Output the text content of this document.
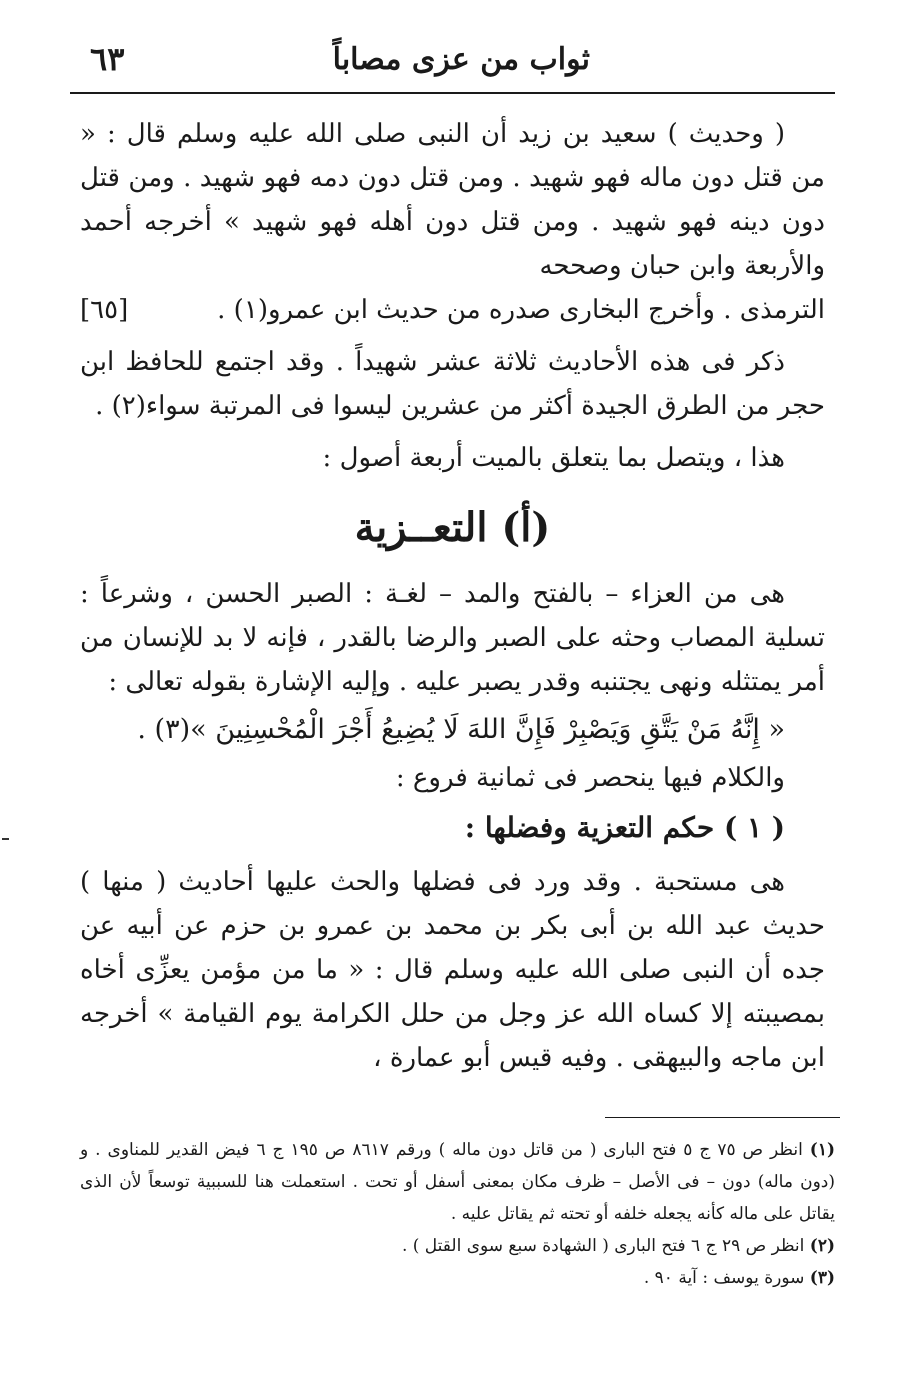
ثواب من عزى مصاباً
٦٣

( وحديث ) سعيد بن زيد أن النبى صلى الله عليه وسلم قال : « من قتل دون ماله فهو شهيد . ومن قتل دون دمه فهو شهيد . ومن قتل دون دينه فهو شهيد . ومن قتل دون أهله فهو شهيد » أخرجه أحمد والأربعة وابن حبان وصححه

الترمذى . وأخرج البخارى صدره من حديث ابن عمرو(١) .
[٦٥]

ذكر فى هذه الأحاديث ثلاثة عشر شهيداً . وقد اجتمع للحافظ ابن حجر من الطرق الجيدة أكثر من عشرين ليسوا فى المرتبة سواء(٢) .

هذا ، ويتصل بما يتعلق بالميت أربعة أصول :

(أ) التعــزية

هى من العزاء – بالفتح والمد – لغـة : الصبر الحسن ، وشرعاً : تسلية المصاب وحثه على الصبر والرضا بالقدر ، فإنه لا بد للإنسان من أمر يمتثله ونهى يجتنبه وقدر يصبر عليه . وإليه الإشارة بقوله تعالى :

« إِنَّهُ مَنْ يَتَّقِ وَيَصْبِرْ فَإِنَّ اللهَ لَا يُضِيعُ أَجْرَ الْمُحْسِنِينَ »(٣) .

والكلام فيها ينحصر فى ثمانية فروع :

( ١ ) حكم التعزية وفضلها :

هى مستحبة . وقد ورد فى فضلها والحث عليها أحاديث ( منها ) حديث عبد الله بن أبى بكر بن محمد بن عمرو بن حزم عن أبيه عن جده أن النبى صلى الله عليه وسلم قال : « ما من مؤمن يعزِّى أخاه بمصيبته إلا كساه الله عز وجل من حلل الكرامة يوم القيامة » أخرجه ابن ماجه والبيهقى . وفيه قيس أبو عمارة ،

(١) انظر ص ٧٥ ج ٥ فتح البارى ( من قاتل دون ماله ) ورقم ٨٦١٧ ص ١٩٥ ج ٦ فيض القدير للمناوى . و (دون ماله) دون – فى الأصل – ظرف مكان بمعنى أسفل أو تحت . استعملت هنا للسببية توسعاً لأن الذى يقاتل على ماله كأنه يجعله خلفه أو تحته ثم يقاتل عليه .

(٢) انظر ص ٢٩ ج ٦ فتح البارى ( الشهادة سبع سوى القتل ) .

(٣) سورة يوسف : آية ٩٠ .
